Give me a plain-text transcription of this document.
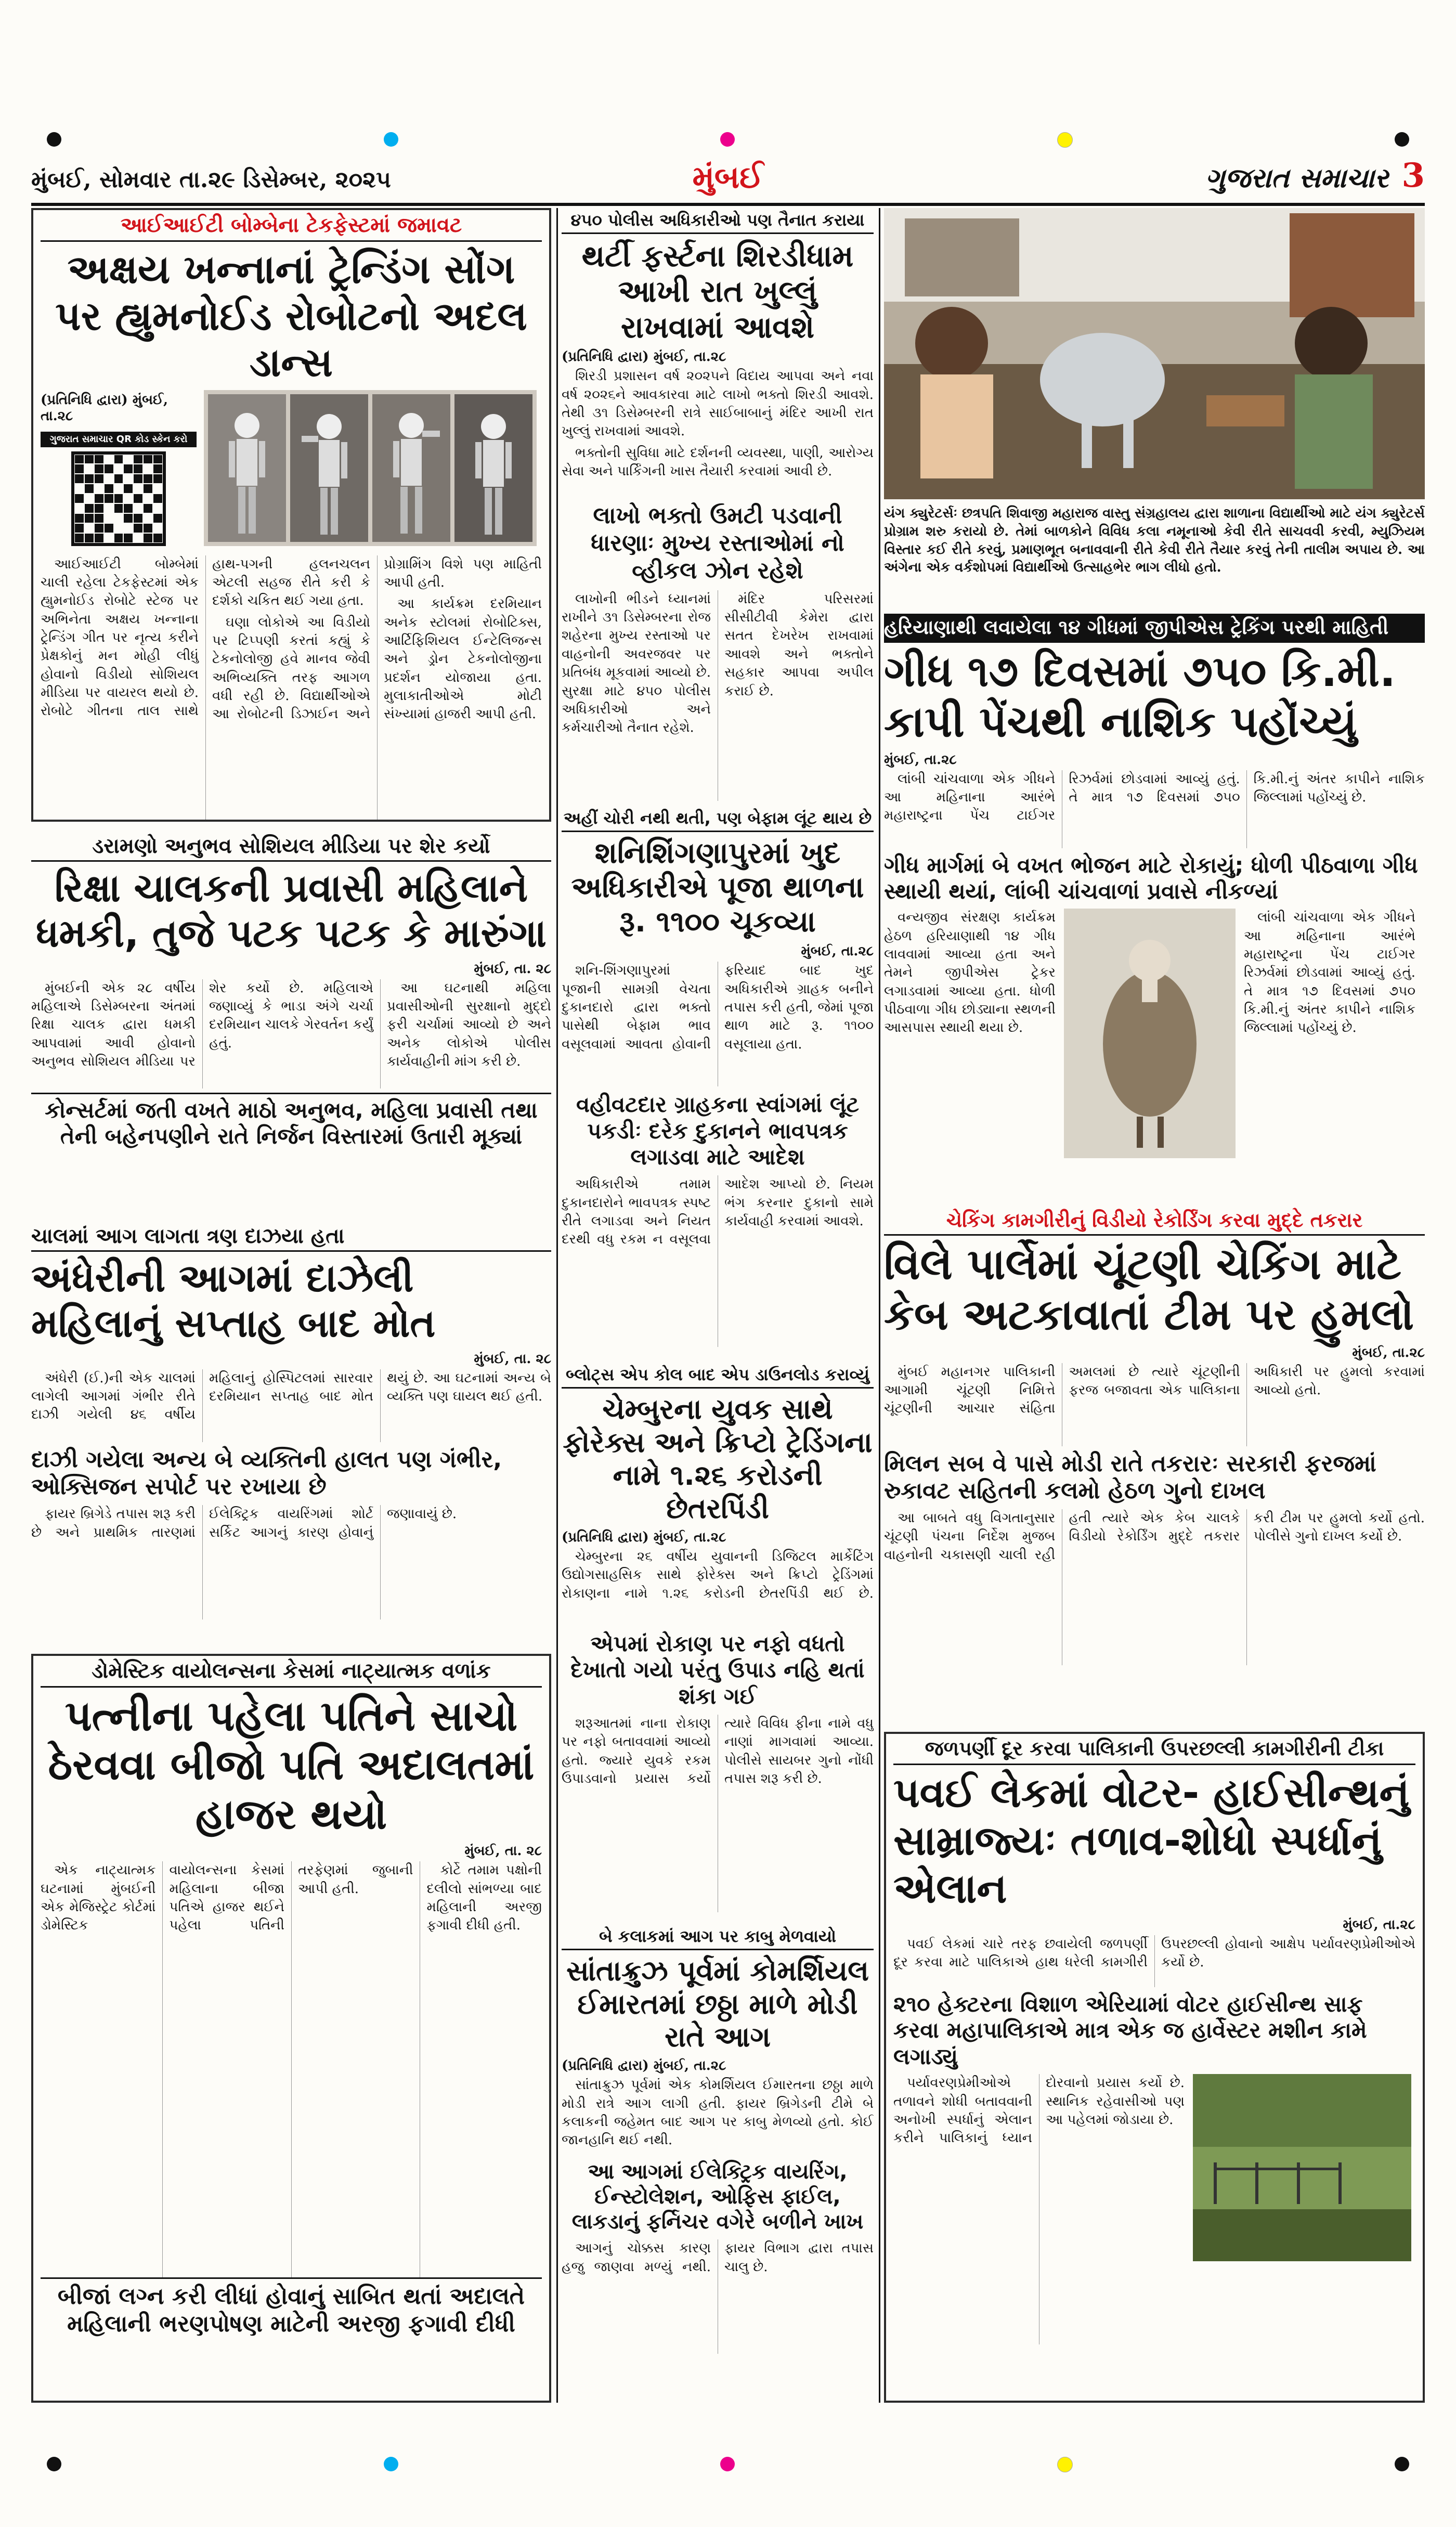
મુંબઈ, સોમવાર તા.૨૯ ડિસેમ્બર, ૨૦૨૫	મુંબઈ	ગુજરાત સમાચાર 3
આઈઆઈટી બોમ્બેના ટેકફેસ્ટમાં જમાવટ
અક્ષય ખન્નાનાં ટ્રેન્ડિંગ સોંગ પર હ્યુમનોઈડ રોબોટનો અદલ ડાન્સ
(પ્રતિનિધિ દ્વારા) મુંબઈ, તા.૨૮
ગુજરાત સમાચાર QR કોડ સ્કેન કરો

આઈઆઈટી બોમ્બેમાં ચાલી રહેલા ટેકફેસ્ટમાં એક હ્યુમનોઈડ રોબોટે સ્ટેજ પર અભિનેતા અક્ષય ખન્નાના ટ્રેન્ડિંગ ગીત પર નૃત્ય કરીને પ્રેક્ષકોનું મન મોહી લીધું હોવાનો વિડીયો સોશિયલ મીડિયા પર વાયરલ થયો છે. રોબોટે ગીતના તાલ સાથે હાથ-પગની હલનચલન એટલી સહજ રીતે કરી કે દર્શકો ચકિત થઈ ગયા હતા.

ઘણા લોકોએ આ વિડીયો પર ટિપ્પણી કરતાં કહ્યું કે ટેકનોલોજી હવે માનવ જેવી અભિવ્યક્તિ તરફ આગળ વધી રહી છે. વિદ્યાર્થીઓએ આ રોબોટની ડિઝાઈન અને પ્રોગ્રામિંગ વિશે પણ માહિતી આપી હતી.

આ કાર્યક્રમ દરમિયાન અનેક સ્ટોલમાં રોબોટિક્સ, આર્ટિફિશિયલ ઈન્ટેલિજન્સ અને ડ્રોન ટેકનોલોજીના પ્રદર્શન યોજાયા હતા. મુલાકાતીઓએ મોટી સંખ્યામાં હાજરી આપી હતી.

ડરામણો અનુભવ સોશિયલ મીડિયા પર શેર કર્યો
રિક્ષા ચાલકની પ્રવાસી મહિલાને ધમકી, તુજે પટક પટક કે મારુંગા
મુંબઈ, તા. ૨૮

મુંબઈની એક ૨૮ વર્ષીય મહિલાએ ડિસેમ્બરના અંતમાં રિક્ષા ચાલક દ્વારા ધમકી આપવામાં આવી હોવાનો અનુભવ સોશિયલ મીડિયા પર શેર કર્યો છે. મહિલાએ જણાવ્યું કે ભાડા અંગે ચર્ચા દરમિયાન ચાલકે ગેરવર્તન કર્યું હતું.

આ ઘટનાથી મહિલા પ્રવાસીઓની સુરક્ષાનો મુદ્દો ફરી ચર્ચામાં આવ્યો છે અને અનેક લોકોએ પોલીસ કાર્યવાહીની માંગ કરી છે.

કોન્સર્ટમાં જતી વખતે માઠો અનુભવ, મહિલા પ્રવાસી તથા તેની બહેનપણીને રાતે નિર્જન વિસ્તારમાં ઉતારી મૂક્યાં
ચાલમાં આગ લાગતા ત્રણ દાઝયા હતા
અંધેરીની આગમાં દાઝેલી મહિલાનું સપ્તાહ બાદ મોત
મુંબઈ, તા. ૨૮

અંધેરી (ઈ.)ની એક ચાલમાં લાગેલી આગમાં ગંભીર રીતે દાઝી ગયેલી ૪૬ વર્ષીય મહિલાનું હોસ્પિટલમાં સારવાર દરમિયાન સપ્તાહ બાદ મોત થયું છે. આ ઘટનામાં અન્ય બે વ્યક્તિ પણ ઘાયલ થઈ હતી.

દાઝી ગયેલા અન્ય બે વ્યક્તિની હાલત પણ ગંભીર, ઓક્સિજન સપોર્ટ પર રખાયા છે

ફાયર બ્રિગેડે તપાસ શરૂ કરી છે અને પ્રાથમિક તારણમાં ઈલેક્ટ્રિક વાયરિંગમાં શોર્ટ સર્કિટ આગનું કારણ હોવાનું જણાવાયું છે.

ડોમેસ્ટિક વાયોલન્સના કેસમાં નાટ્યાત્મક વળાંક
પત્નીના પહેલા પતિને સાચો ઠેરવવા બીજો પતિ અદાલતમાં હાજર થયો
મુંબઈ, તા. ૨૮

એક નાટ્યાત્મક ઘટનામાં મુંબઈની એક મેજિસ્ટ્રેટ કોર્ટમાં ડોમેસ્ટિક વાયોલન્સના કેસમાં મહિલાના બીજા પતિએ હાજર થઈને પહેલા પતિની તરફેણમાં જુબાની આપી હતી.

કોર્ટે તમામ પક્ષોની દલીલો સાંભળ્યા બાદ મહિલાની અરજી ફગાવી દીધી હતી.

બીજાં લગ્ન કરી લીધાં હોવાનું સાબિત થતાં અદાલતે મહિલાની ભરણપોષણ માટેની અરજી ફગાવી દીધી
૪૫૦ પોલીસ અધિકારીઓ પણ તૈનાત કરાયા
થર્ટી ફર્સ્ટના શિરડીધામ આખી રાત ખુલ્લું રાખવામાં આવશે
(પ્રતિનિધિ દ્વારા) મુંબઈ, તા.૨૮

શિરડી પ્રશાસન વર્ષ ૨૦૨૫ને વિદાય આપવા અને નવા વર્ષ ૨૦૨૬ને આવકારવા માટે લાખો ભક્તો શિરડી આવશે. તેથી ૩૧ ડિસેમ્બરની રાત્રે સાઈબાબાનું મંદિર આખી રાત ખુલ્લું રાખવામાં આવશે.

ભક્તોની સુવિધા માટે દર્શનની વ્યવસ્થા, પાણી, આરોગ્ય સેવા અને પાર્કિંગની ખાસ તૈયારી કરવામાં આવી છે.

લાખો ભક્તો ઉમટી પડવાની ધારણાઃ મુખ્ય રસ્તાઓમાં નો વ્હીકલ ઝોન રહેશે

લાખોની ભીડને ધ્યાનમાં રાખીને ૩૧ ડિસેમ્બરના રોજ શહેરના મુખ્ય રસ્તાઓ પર વાહનોની અવરજવર પર પ્રતિબંધ મૂકવામાં આવ્યો છે. સુરક્ષા માટે ૪૫૦ પોલીસ અધિકારીઓ અને કર્મચારીઓ તૈનાત રહેશે.

મંદિર પરિસરમાં સીસીટીવી કેમેરા દ્વારા સતત દેખરેખ રાખવામાં આવશે અને ભક્તોને સહકાર આપવા અપીલ કરાઈ છે.

અહીં ચોરી નથી થતી, પણ બેફામ લૂંટ થાય છે
શનિશિંગણાપુરમાં ખુદ અધિકારીએ પૂજા થાળના રૂ. ૧૧૦૦ ચૂકવ્યા
મુંબઈ, તા.૨૮

શનિ-શિંગણાપુરમાં પૂજાની સામગ્રી વેચતા દુકાનદારો દ્વારા ભક્તો પાસેથી બેફામ ભાવ વસૂલવામાં આવતા હોવાની ફરિયાદ બાદ ખુદ અધિકારીએ ગ્રાહક બનીને તપાસ કરી હતી, જેમાં પૂજા થાળ માટે રૂ. ૧૧૦૦ વસૂલાયા હતા.

વહીવટદાર ગ્રાહકના સ્વાંગમાં લૂંટ પકડીઃ દરેક દુકાનને ભાવપત્રક લગાડવા માટે આદેશ

અધિકારીએ તમામ દુકાનદારોને ભાવપત્રક સ્પષ્ટ રીતે લગાડવા અને નિયત દરથી વધુ રકમ ન વસૂલવા આદેશ આપ્યો છે. નિયમ ભંગ કરનાર દુકાનો સામે કાર્યવાહી કરવામાં આવશે.

બ્લોટ્સ એપ કોલ બાદ એપ ડાઉનલોડ કરાવ્યું
ચેમ્બુરના યુવક સાથે ફોરેક્સ અને ક્રિપ્ટો ટ્રેડિંગના નામે ૧.૨૬ કરોડની છેતરપિંડી
(પ્રતિનિધિ દ્વારા) મુંબઈ, તા.૨૮

ચેમ્બુરના ૨૬ વર્ષીય યુવાનની ડિજિટલ માર્કેટિંગ ઉદ્યોગસાહસિક સાથે ફોરેક્સ અને ક્રિપ્ટો ટ્રેડિંગમાં રોકાણના નામે ૧.૨૬ કરોડની છેતરપિંડી થઈ છે.

એપમાં રોકાણ પર નફો વધતો દેખાતો ગયો પરંતુ ઉપાડ નહિ થતાં શંકા ગઈ

શરૂઆતમાં નાના રોકાણ પર નફો બતાવવામાં આવ્યો હતો. જ્યારે યુવકે રકમ ઉપાડવાનો પ્રયાસ કર્યો ત્યારે વિવિધ ફીના નામે વધુ નાણાં માગવામાં આવ્યા. પોલીસે સાયબર ગુનો નોંધી તપાસ શરૂ કરી છે.

બે કલાકમાં આગ પર કાબુ મેળવાયો
સાંતાક્રુઝ પૂર્વમાં કોમર્શિયલ ઈમારતમાં છઠ્ઠા માળે મોડી રાતે આગ
(પ્રતિનિધિ દ્વારા) મુંબઈ, તા.૨૮

સાંતાક્રુઝ પૂર્વમાં એક કોમર્શિયલ ઈમારતના છઠ્ઠા માળે મોડી રાત્રે આગ લાગી હતી. ફાયર બ્રિગેડની ટીમે બે કલાકની જહેમત બાદ આગ પર કાબુ મેળવ્યો હતો. કોઈ જાનહાનિ થઈ નથી.

આ આગમાં ઈલેક્ટ્રિક વાયરિંગ, ઈન્સ્ટોલેશન, ઓફિસ ફાઈલ, લાકડાનું ફર્નિચર વગેરે બળીને ખાખ

આગનું ચોક્કસ કારણ હજુ જાણવા મળ્યું નથી. ફાયર વિભાગ દ્વારા તપાસ ચાલુ છે.

યંગ ક્યુરેટર્સઃ છત્રપતિ શિવાજી મહારાજ વાસ્તુ સંગ્રહાલય દ્વારા શાળાના વિદ્યાર્થીઓ માટે યંગ ક્યુરેટર્સ પ્રોગ્રામ શરુ કરાયો છે. તેમાં બાળકોને વિવિધ કલા નમૂનાઓ કેવી રીતે સાચવવી કરવી, મ્યુઝિયમ વિસ્તાર કઈ રીતે કરવું, પ્રમાણભૂત બનાવવાની રીતે કેવી રીતે તૈયાર કરવું તેની તાલીમ અપાય છે. આ અંગેના એક વર્કશોપમાં વિદ્યાર્થીઓ ઉત્સાહભેર ભાગ લીધો હતો.
હરિયાણાથી લવાયેલા ૧૪ ગીધમાં જીપીએસ ટ્રેકિંગ પરથી માહિતી
ગીધ ૧૭ દિવસમાં ૭૫૦ કિ.મી. કાપી પેંચથી નાશિક પહોંચ્યું
મુંબઈ, તા.૨૮

લાંબી ચાંચવાળા એક ગીધને આ મહિનાના આરંભે મહારાષ્ટ્રના પેંચ ટાઈગર રિઝર્વમાં છોડવામાં આવ્યું હતું. તે માત્ર ૧૭ દિવસમાં ૭૫૦ કિ.મી.નું અંતર કાપીને નાશિક જિલ્લામાં પહોંચ્યું છે.

ગીધ માર્ગમાં બે વખત ભોજન માટે રોકાયું; ધોળી પીઠવાળા ગીધ સ્થાયી થયાં, લાંબી ચાંચવાળાં પ્રવાસે નીકળ્યાં

વન્યજીવ સંરક્ષણ કાર્યક્રમ હેઠળ હરિયાણાથી ૧૪ ગીધ લાવવામાં આવ્યા હતા અને તેમને જીપીએસ ટ્રેકર લગાડવામાં આવ્યા હતા. ધોળી પીઠવાળા ગીધ છોડ્યાના સ્થળની આસપાસ સ્થાયી થયા છે.

લાંબી ચાંચવાળા એક ગીધને આ મહિનાના આરંભે મહારાષ્ટ્રના પેંચ ટાઈગર રિઝર્વમાં છોડવામાં આવ્યું હતું. તે માત્ર ૧૭ દિવસમાં ૭૫૦ કિ.મી.નું અંતર કાપીને નાશિક જિલ્લામાં પહોંચ્યું છે.

ચેકિંગ કામગીરીનું વિડીયો રેકોર્ડિંગ કરવા મુદ્દે તકરાર
વિલે પાર્લેમાં ચૂંટણી ચેકિંગ માટે કેબ અટકાવાતાં ટીમ પર હુમલો
મુંબઈ, તા.૨૮

મુંબઈ મહાનગર પાલિકાની આગામી ચૂંટણી નિમિત્તે ચૂંટણીની આચાર સંહિતા અમલમાં છે ત્યારે ચૂંટણીની ફરજ બજાવતા એક પાલિકાના અધિકારી પર હુમલો કરવામાં આવ્યો હતો.

મિલન સબ વે પાસે મોડી રાતે તકરારઃ સરકારી ફરજમાં રુકાવટ સહિતની કલમો હેઠળ ગુનો દાખલ

આ બાબતે વધુ વિગતાનુસાર ચૂંટણી પંચના નિર્દેશ મુજબ વાહનોની ચકાસણી ચાલી રહી હતી ત્યારે એક કેબ ચાલકે વિડીયો રેકોર્ડિંગ મુદ્દે તકરાર કરી ટીમ પર હુમલો કર્યો હતો. પોલીસે ગુનો દાખલ કર્યો છે.

જળપર્ણી દૂર કરવા પાલિકાની ઉપરછલ્લી કામગીરીની ટીકા
પવઈ લેકમાં વોટર- હાઈસીન્થનું સામ્રાજ્યઃ તળાવ-શોધો સ્પર્ધાનું એલાન
મુંબઈ, તા.૨૮

પવઈ લેકમાં ચારે તરફ છવાયેલી જળપર્ણી દૂર કરવા માટે પાલિકાએ હાથ ધરેલી કામગીરી ઉપરછલ્લી હોવાનો આક્ષેપ પર્યાવરણપ્રેમીઓએ કર્યો છે.

૨૧૦ હેક્ટરના વિશાળ એરિયામાં વોટર હાઈસીન્થ સાફ કરવા મહાપાલિકાએ માત્ર એક જ હાર્વેસ્ટર મશીન કામે લગાડ્યું

પર્યાવરણપ્રેમીઓએ તળાવને શોધી બતાવવાની અનોખી સ્પર્ધાનું એલાન કરીને પાલિકાનું ધ્યાન દોરવાનો પ્રયાસ કર્યો છે. સ્થાનિક રહેવાસીઓ પણ આ પહેલમાં જોડાયા છે.
